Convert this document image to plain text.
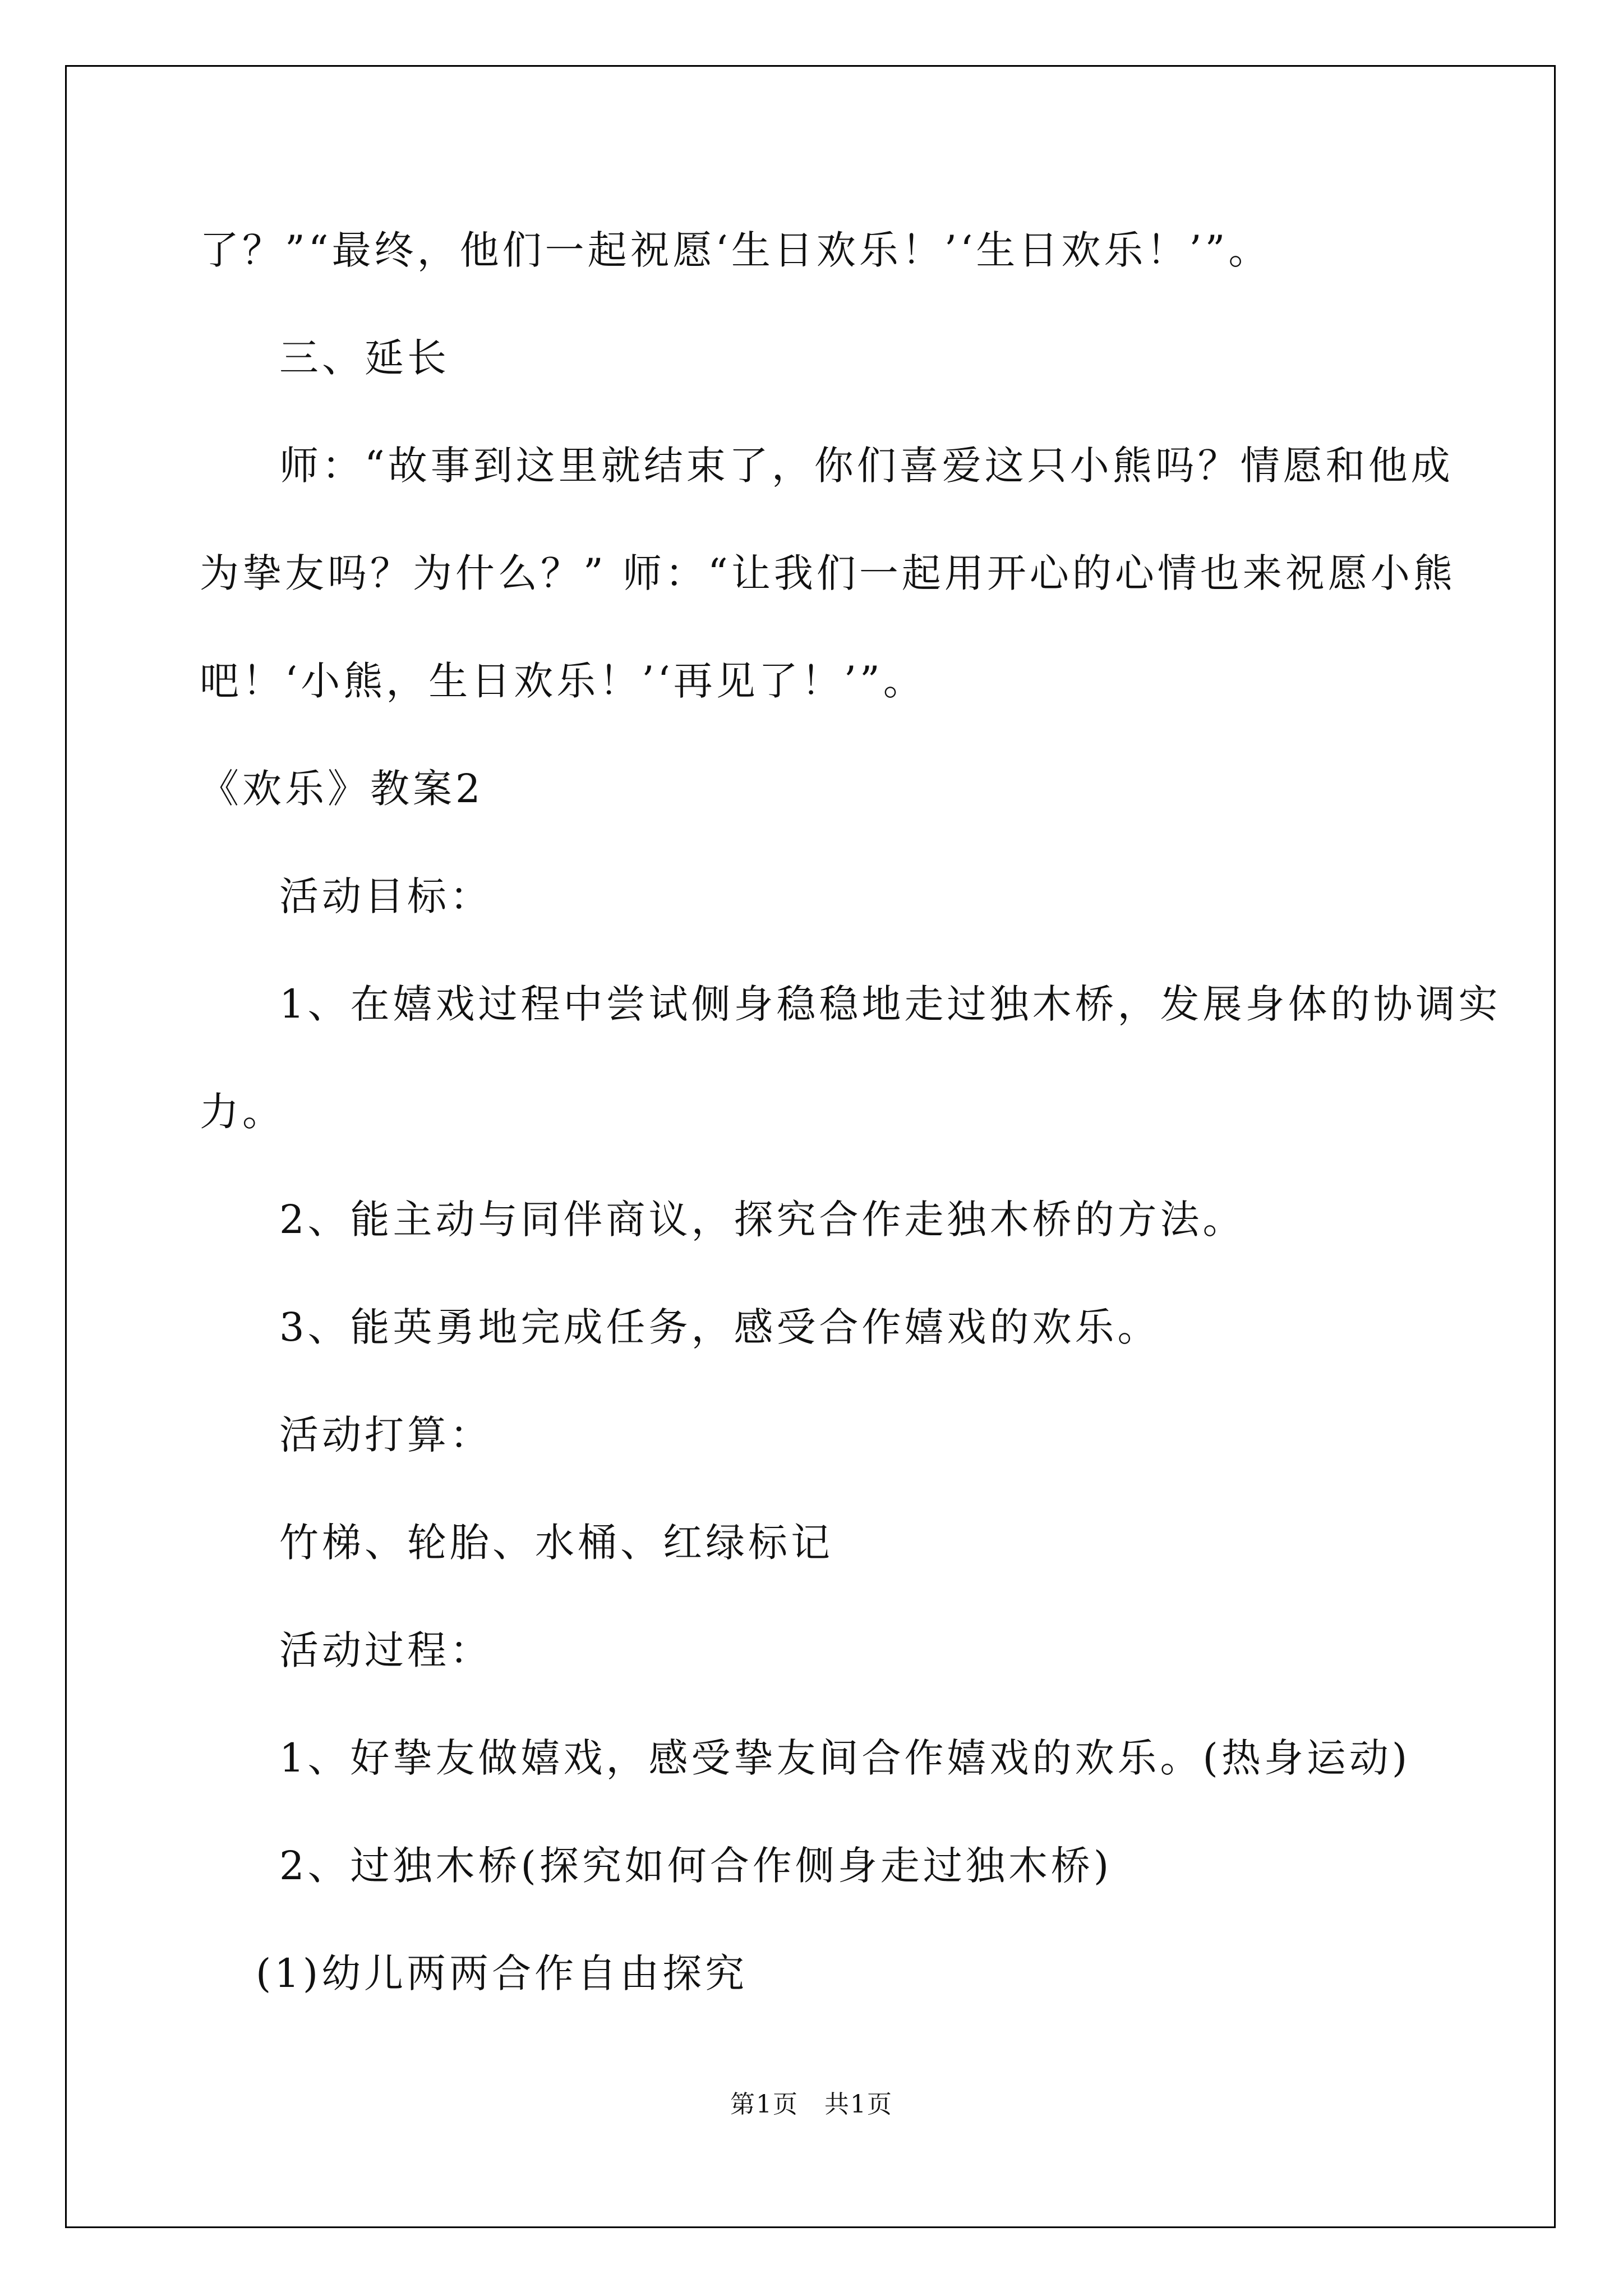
了？”“最终，他们一起祝愿‘生日欢乐！’‘生日欢乐！’”。
三、延长
师：“故事到这里就结束了，你们喜爱这只小熊吗？情愿和他成
为挚友吗？为什么？” 师：“让我们一起用开心的心情也来祝愿小熊
吧！‘小熊，生日欢乐！’‘再见了！’”。
《欢乐》教案2
活动目标：
1、在嬉戏过程中尝试侧身稳稳地走过独木桥，发展身体的协调实
力。
2、能主动与同伴商议，探究合作走独木桥的方法。
3、能英勇地完成任务，感受合作嬉戏的欢乐。
活动打算：
竹梯、轮胎、水桶、红绿标记
活动过程：
1、好挚友做嬉戏，感受挚友间合作嬉戏的欢乐。(热身运动)
2、过独木桥(探究如何合作侧身走过独木桥)
(1)幼儿两两合作自由探究
第1页　共1页
